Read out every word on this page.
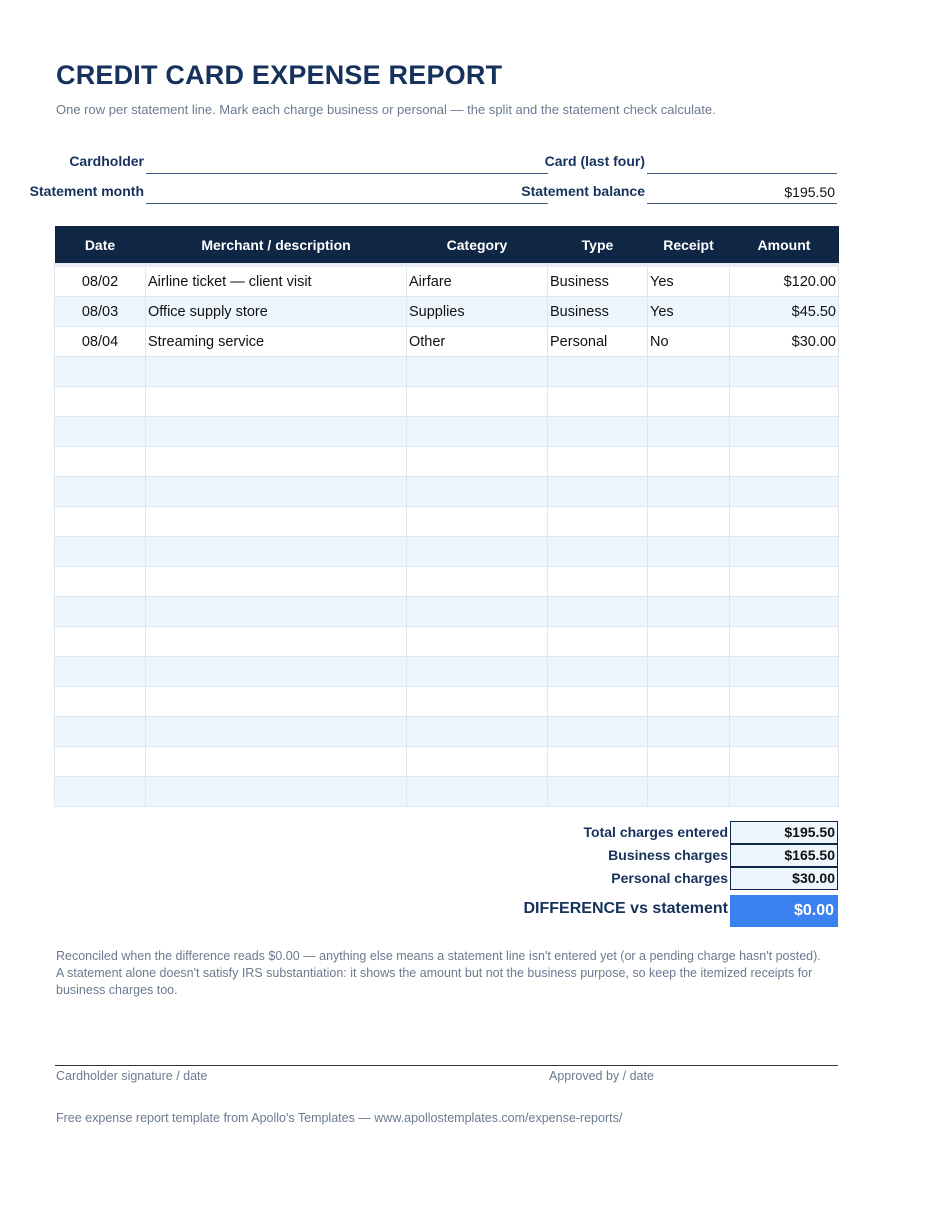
CREDIT CARD EXPENSE REPORT
One row per statement line. Mark each charge business or personal — the split and the statement check calculate.
Cardholder
Statement month
Card (last four)
Statement balance	$195.50
Date	Merchant / description	Category	Type	Receipt	Amount
08/02	Airline ticket — client visit	Airfare	Business	Yes	$120.00
08/03	Office supply store	Supplies	Business	Yes	$45.50
08/04	Streaming service	Other	Personal	No	$30.00

Total charges entered	$195.50
Business charges	$165.50
Personal charges	$30.00
DIFFERENCE vs statement	$0.00
Reconciled when the difference reads $0.00 — anything else means a statement line isn't entered yet (or a pending charge hasn't posted).
A statement alone doesn't satisfy IRS substantiation: it shows the amount but not the business purpose, so keep the itemized receipts for business charges too.
Cardholder signature / date	Approved by / date
Free expense report template from Apollo's Templates — www.apollostemplates.com/expense-reports/
